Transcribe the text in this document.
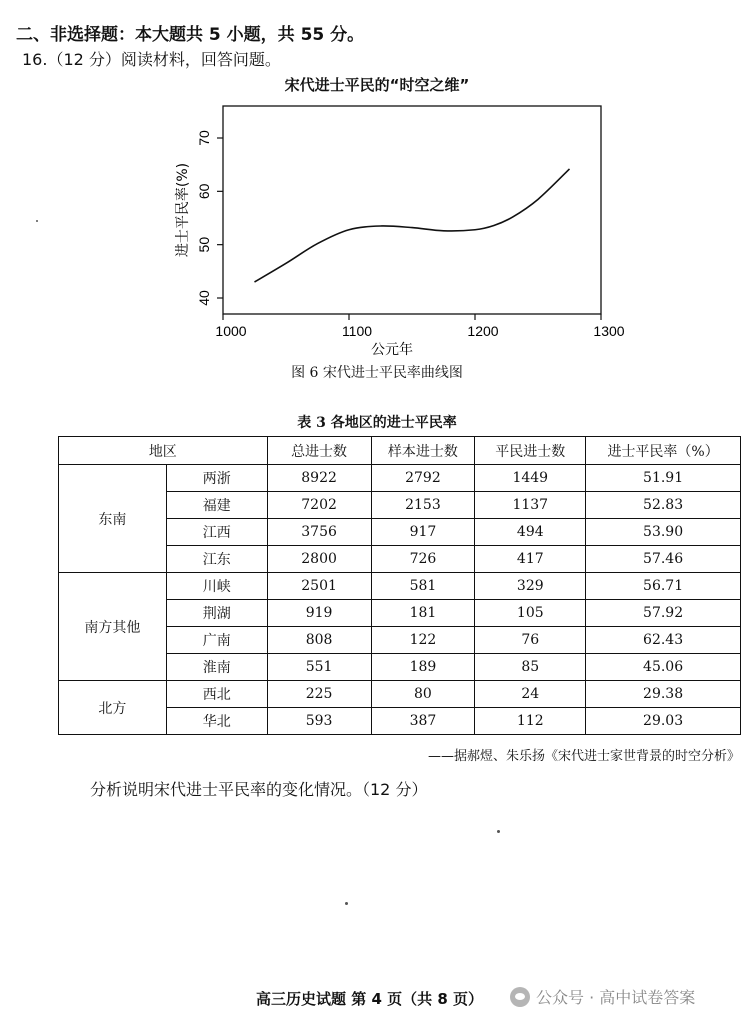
二、非选择题：本大题共 5 小题，共 55 分。
16.（12 分）阅读材料，回答问题。
宋代进士平民的“时空之维”
1000	1100	1200	1300
40
50
60
70
公元年
进士平民率(%)
图 6 宋代进士平民率曲线图
表 3 各地区的进士平民率
地区		总进士数	样本进士数	平民进士数	进士平民率（%）
东南	两浙	8922	2792	1449	51.91
	福建	7202	2153	1137	52.83
	江西	3756	917	494	53.90
	江东	2800	726	417	57.46
南方其他	川峡	2501	581	329	56.71
	荆湖	919	181	105	57.92
	广南	808	122	76	62.43
	淮南	551	189	85	45.06
北方	西北	225	80	24	29.38
	华北	593	387	112	29.03
——据郝煜、朱乐扬《宋代进士家世背景的时空分析》
分析说明宋代进士平民率的变化情况。（12 分）
高三历史试题 第 4 页（共 8 页）	公众号 · 高中试卷答案
